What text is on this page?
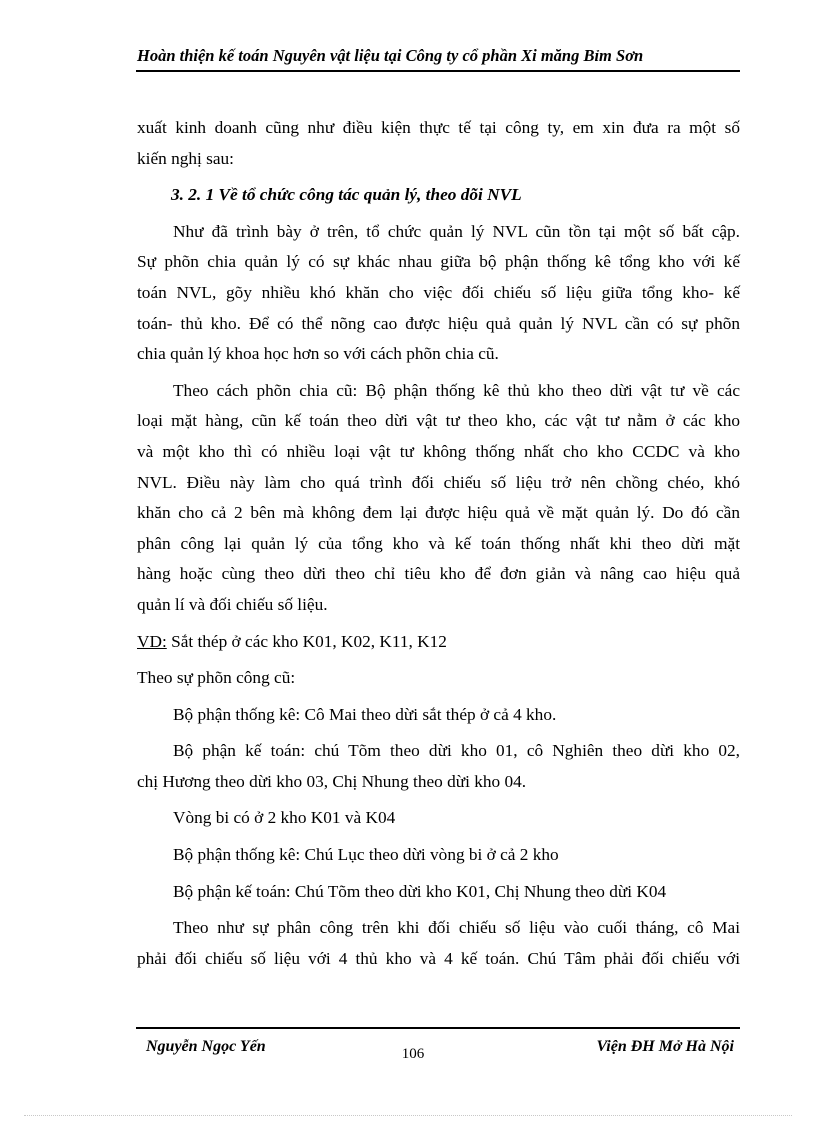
Hoàn thiện kế toán Nguyên vật liệu tại Công ty cổ phần Xi măng Bỉm Sơn

xuất kinh doanh cũng như điều kiện thực tế tại công ty, em xin đưa ra một số
kiến nghị sau:

3. 2. 1 Về tổ chức công tác quản lý, theo dõi NVL

Như đã trình bày ở trên, tổ chức quản lý NVL cũn tồn tại một số bất cập.
Sự phõn chia quản lý có sự khác nhau giữa bộ phận thống kê tổng kho với kế
toán NVL, gõy nhiều khó khăn cho việc đối chiếu số liệu giữa tổng kho- kế
toán- thủ kho. Để có thể nõng cao được hiệu quả quản lý NVL cần có sự phõn
chia quản lý khoa học hơn so với cách phõn chia cũ.

Theo cách phõn chia cũ: Bộ phận thống kê thủ kho theo dừi vật tư về các
loại mặt hàng, cũn kế toán theo dừi vật tư theo kho, các vật tư nằm ở các kho
và một kho thì có nhiều loại vật tư không thống nhất cho kho CCDC và kho
NVL. Điều này làm cho quá trình đối chiếu số liệu trở nên chồng chéo, khó
khăn cho cả 2 bên mà không đem lại được hiệu quả về mặt quản lý. Do đó cần
phân công lại quản lý của tổng kho và kế toán thống nhất khi theo dừi mặt
hàng hoặc cùng theo dừi theo chỉ tiêu kho để đơn giản và nâng cao hiệu quả
quản lí và đối chiếu số liệu.

VD: Sắt thép ở các kho K01, K02, K11, K12

Theo sự phõn công cũ:

Bộ phận thống kê: Cô Mai theo dừi sắt thép ở cả 4 kho.

Bộ phận kế toán: chú Tõm theo dừi kho 01, cô Nghiên theo dừi kho 02,
chị Hương theo dừi kho 03, Chị Nhung theo dừi kho 04.

Vòng bi có ở 2 kho K01 và K04

Bộ phận thống kê: Chú Lục theo dừi vòng bi ở cả 2 kho

Bộ phận kế toán: Chú Tõm theo dừi kho K01, Chị Nhung theo dừi K04

Theo như sự phân công trên khi đối chiếu số liệu vào cuối tháng, cô Mai
phải đối chiếu số liệu với 4 thủ kho và 4 kế toán. Chú Tâm phải đối chiếu với

Nguyễn Ngọc Yến	106	Viện ĐH Mở Hà Nội
